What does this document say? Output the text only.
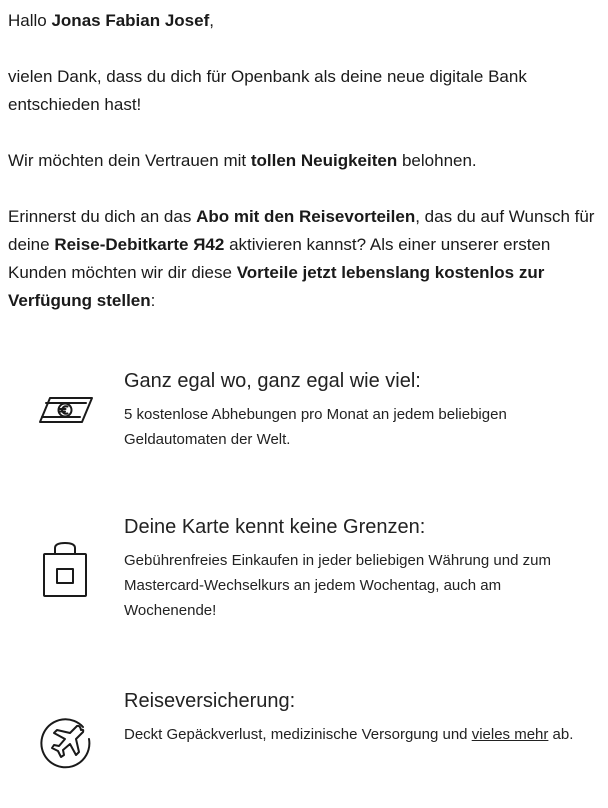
Hallo Jonas Fabian Josef,

vielen Dank, dass du dich für Openbank als deine neue digitale Bank entschieden hast!

Wir möchten dein Vertrauen mit tollen Neuigkeiten belohnen.

Erinnerst du dich an das Abo mit den Reisevorteilen, das du auf Wunsch für deine Reise-Debitkarte Я42 aktivieren kannst? Als einer unserer ersten Kunden möchten wir dir diese Vorteile jetzt lebenslang kostenlos zur Verfügung stellen:

Ganz egal wo, ganz egal wie viel:

5 kostenlose Abhebungen pro Monat an jedem beliebigen Geldautomaten der Welt.

Deine Karte kennt keine Grenzen:

Gebührenfreies Einkaufen in jeder beliebigen Währung und zum Mastercard-Wechselkurs an jedem Wochentag, auch am Wochenende!

Reiseversicherung:

Deckt Gepäckverlust, medizinische Versorgung und vieles mehr ab.
